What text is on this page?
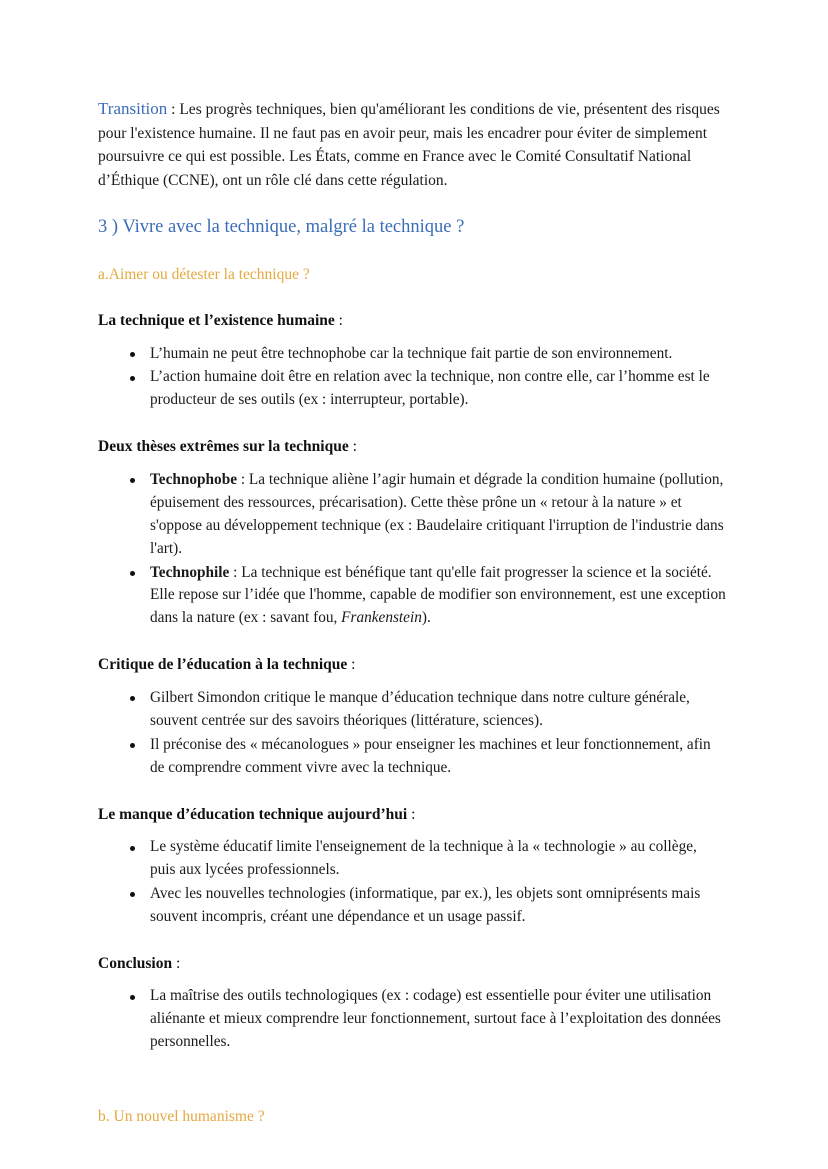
Transition : Les progrès techniques, bien qu'améliorant les conditions de vie, présentent des risques pour l'existence humaine. Il ne faut pas en avoir peur, mais les encadrer pour éviter de simplement poursuivre ce qui est possible. Les États, comme en France avec le Comité Consultatif National d’Éthique (CCNE), ont un rôle clé dans cette régulation.

3 ) Vivre avec la technique, malgré la technique ?
a.Aimer ou détester la technique ?

La technique et l’existence humaine :

L’humain ne peut être technophobe car la technique fait partie de son environnement.
L’action humaine doit être en relation avec la technique, non contre elle, car l’homme est le producteur de ses outils (ex : interrupteur, portable).

Deux thèses extrêmes sur la technique :

Technophobe : La technique aliène l’agir humain et dégrade la condition humaine (pollution, épuisement des ressources, précarisation). Cette thèse prône un « retour à la nature » et s'oppose au développement technique (ex : Baudelaire critiquant l'irruption de l'industrie dans l'art).
Technophile : La technique est bénéfique tant qu'elle fait progresser la science et la société. Elle repose sur l’idée que l'homme, capable de modifier son environnement, est une exception dans la nature (ex : savant fou, Frankenstein).

Critique de l’éducation à la technique :

Gilbert Simondon critique le manque d’éducation technique dans notre culture générale, souvent centrée sur des savoirs théoriques (littérature, sciences).
Il préconise des « mécanologues » pour enseigner les machines et leur fonctionnement, afin de comprendre comment vivre avec la technique.

Le manque d’éducation technique aujourd’hui :

Le système éducatif limite l'enseignement de la technique à la « technologie » au collège, puis aux lycées professionnels.
Avec les nouvelles technologies (informatique, par ex.), les objets sont omniprésents mais souvent incompris, créant une dépendance et un usage passif.

Conclusion :

La maîtrise des outils technologiques (ex : codage) est essentielle pour éviter une utilisation aliénante et mieux comprendre leur fonctionnement, surtout face à l’exploitation des données personnelles.
b. Un nouvel humanisme ?
